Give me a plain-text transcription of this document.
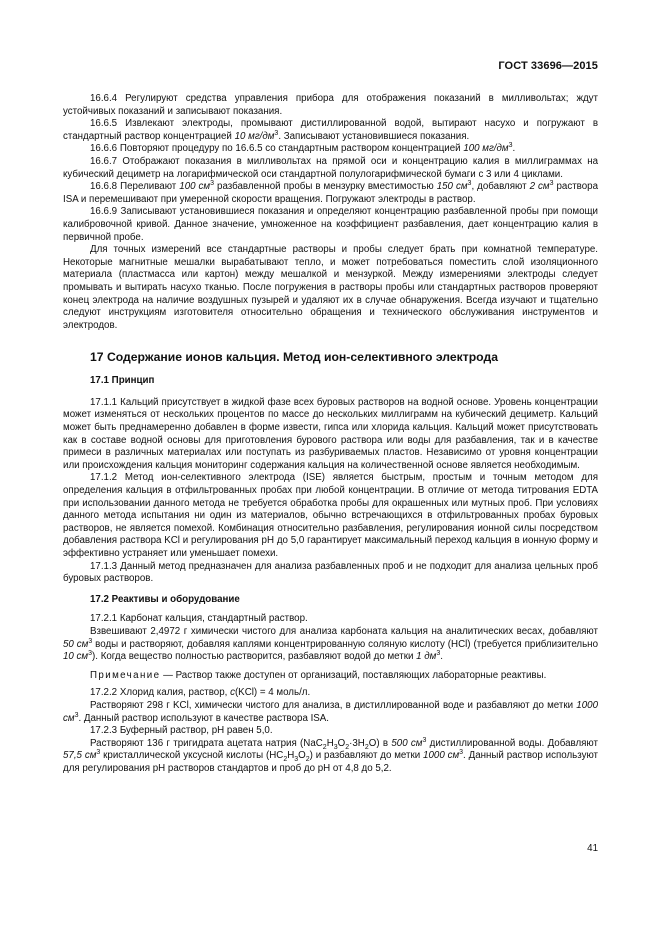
ГОСТ 33696—2015

16.6.4 Регулируют средства управления прибора для отображения показаний в милливольтах; ждут устойчивых показаний и записывают показания.

16.6.5 Извлекают электроды, промывают дистиллированной водой, вытирают насухо и погружают в стандартный раствор концентрацией 10 $мг/дм^3$. Записывают установившиеся показания.

16.6.6 Повторяют процедуру по 16.6.5 со стандартным раствором концентрацией 100 $мг/дм^3$.

16.6.7 Отображают показания в милливольтах на прямой оси и концентрацию калия в миллиграммах на кубический дециметр на логарифмической оси стандартной полулогарифмической бумаги с 3 или 4 циклами.

16.6.8 Переливают 100 $см^3$ разбавленной пробы в мензурку вместимостью 150 $см^3$, добавляют 2 $см^3$ раствора ISA и перемешивают при умеренной скорости вращения. Погружают электроды в раствор.

16.6.9 Записывают установившиеся показания и определяют концентрацию разбавленной пробы при помощи калибровочной кривой. Данное значение, умноженное на коэффициент разбавления, дает концентрацию калия в первичной пробе.

Для точных измерений все стандартные растворы и пробы следует брать при комнатной температуре. Некоторые магнитные мешалки вырабатывают тепло, и может потребоваться поместить слой изоляционного материала (пластмасса или картон) между мешалкой и мензуркой. Между измерениями электроды следует промывать и вытирать насухо тканью. После погружения в растворы пробы или стандартных растворов проверяют конец электрода на наличие воздушных пузырей и удаляют их в случае обнаружения. Всегда изучают и тщательно следуют инструкциям изготовителя относительно обращения и технического обслуживания инструментов и электродов.

17 Содержание ионов кальция. Метод ион-селективного электрода
17.1 Принцип

17.1.1 Кальций присутствует в жидкой фазе всех буровых растворов на водной основе. Уровень концентрации может изменяться от нескольких процентов по массе до нескольких миллиграмм на кубический дециметр. Кальций может быть преднамеренно добавлен в форме извести, гипса или хлорида кальция. Кальций может присутствовать как в составе водной основы для приготовления бурового раствора или воды для разбавления, так и в качестве примеси в различных материалах или поступать из разбуриваемых пластов. Независимо от уровня концентрации или происхождения кальция мониторинг содержания кальция на количественной основе является необходимым.

17.1.2 Метод ион-селективного электрода (ISE) является быстрым, простым и точным методом для определения кальция в отфильтрованных пробах при любой концентрации. В отличие от метода титрования EDTA при использовании данного метода не требуется обработка пробы для окрашенных или мутных проб. При условиях данного метода испытания ни один из материалов, обычно встречающихся в отфильтрованных пробах буровых растворов, не является помехой. Комбинация относительно разбавления, регулирования ионной силы посредством добавления раствора KCl и регулирования pH до 5,0 гарантирует максимальный переход кальция в ионную форму и эффективно устраняет или уменьшает помехи.

17.1.3 Данный метод предназначен для анализа разбавленных проб и не подходит для анализа цельных проб буровых растворов.

17.2 Реактивы и оборудование

17.2.1 Карбонат кальция, стандартный раствор.

Взвешивают 2,4972 г химически чистого для анализа карбоната кальция на аналитических весах, добавляют 50 $см^3$ воды и растворяют, добавляя каплями концентрированную соляную кислоту (HCl) (требуется приблизительно 10 $см^3$). Когда вещество полностью растворится, разбавляют водой до метки 1 $дм^3$.

Примечание — Раствор также доступен от организаций, поставляющих лабораторные реактивы.

17.2.2 Хлорид калия, раствор, c(KCl) = 4 моль/л.

Растворяют 298 г KCl, химически чистого для анализа, в дистиллированной воде и разбавляют до метки 1000 $см^3$. Данный раствор используют в качестве раствора ISA.

17.2.3 Буферный раствор, pH равен 5,0.

Растворяют 136 г тригидрата ацетата натрия $(NaC_2H_3O_2\cdot 3H_2O)$ в 500 $см^3$ дистиллированной воды. Добавляют 57,5 $см^3$ кристаллической уксусной кислоты $(HC_2H_3O_2)$ и разбавляют до метки 1000 $см^3$. Данный раствор используют для регулирования pH растворов стандартов и проб до pH от 4,8 до 5,2.

41
